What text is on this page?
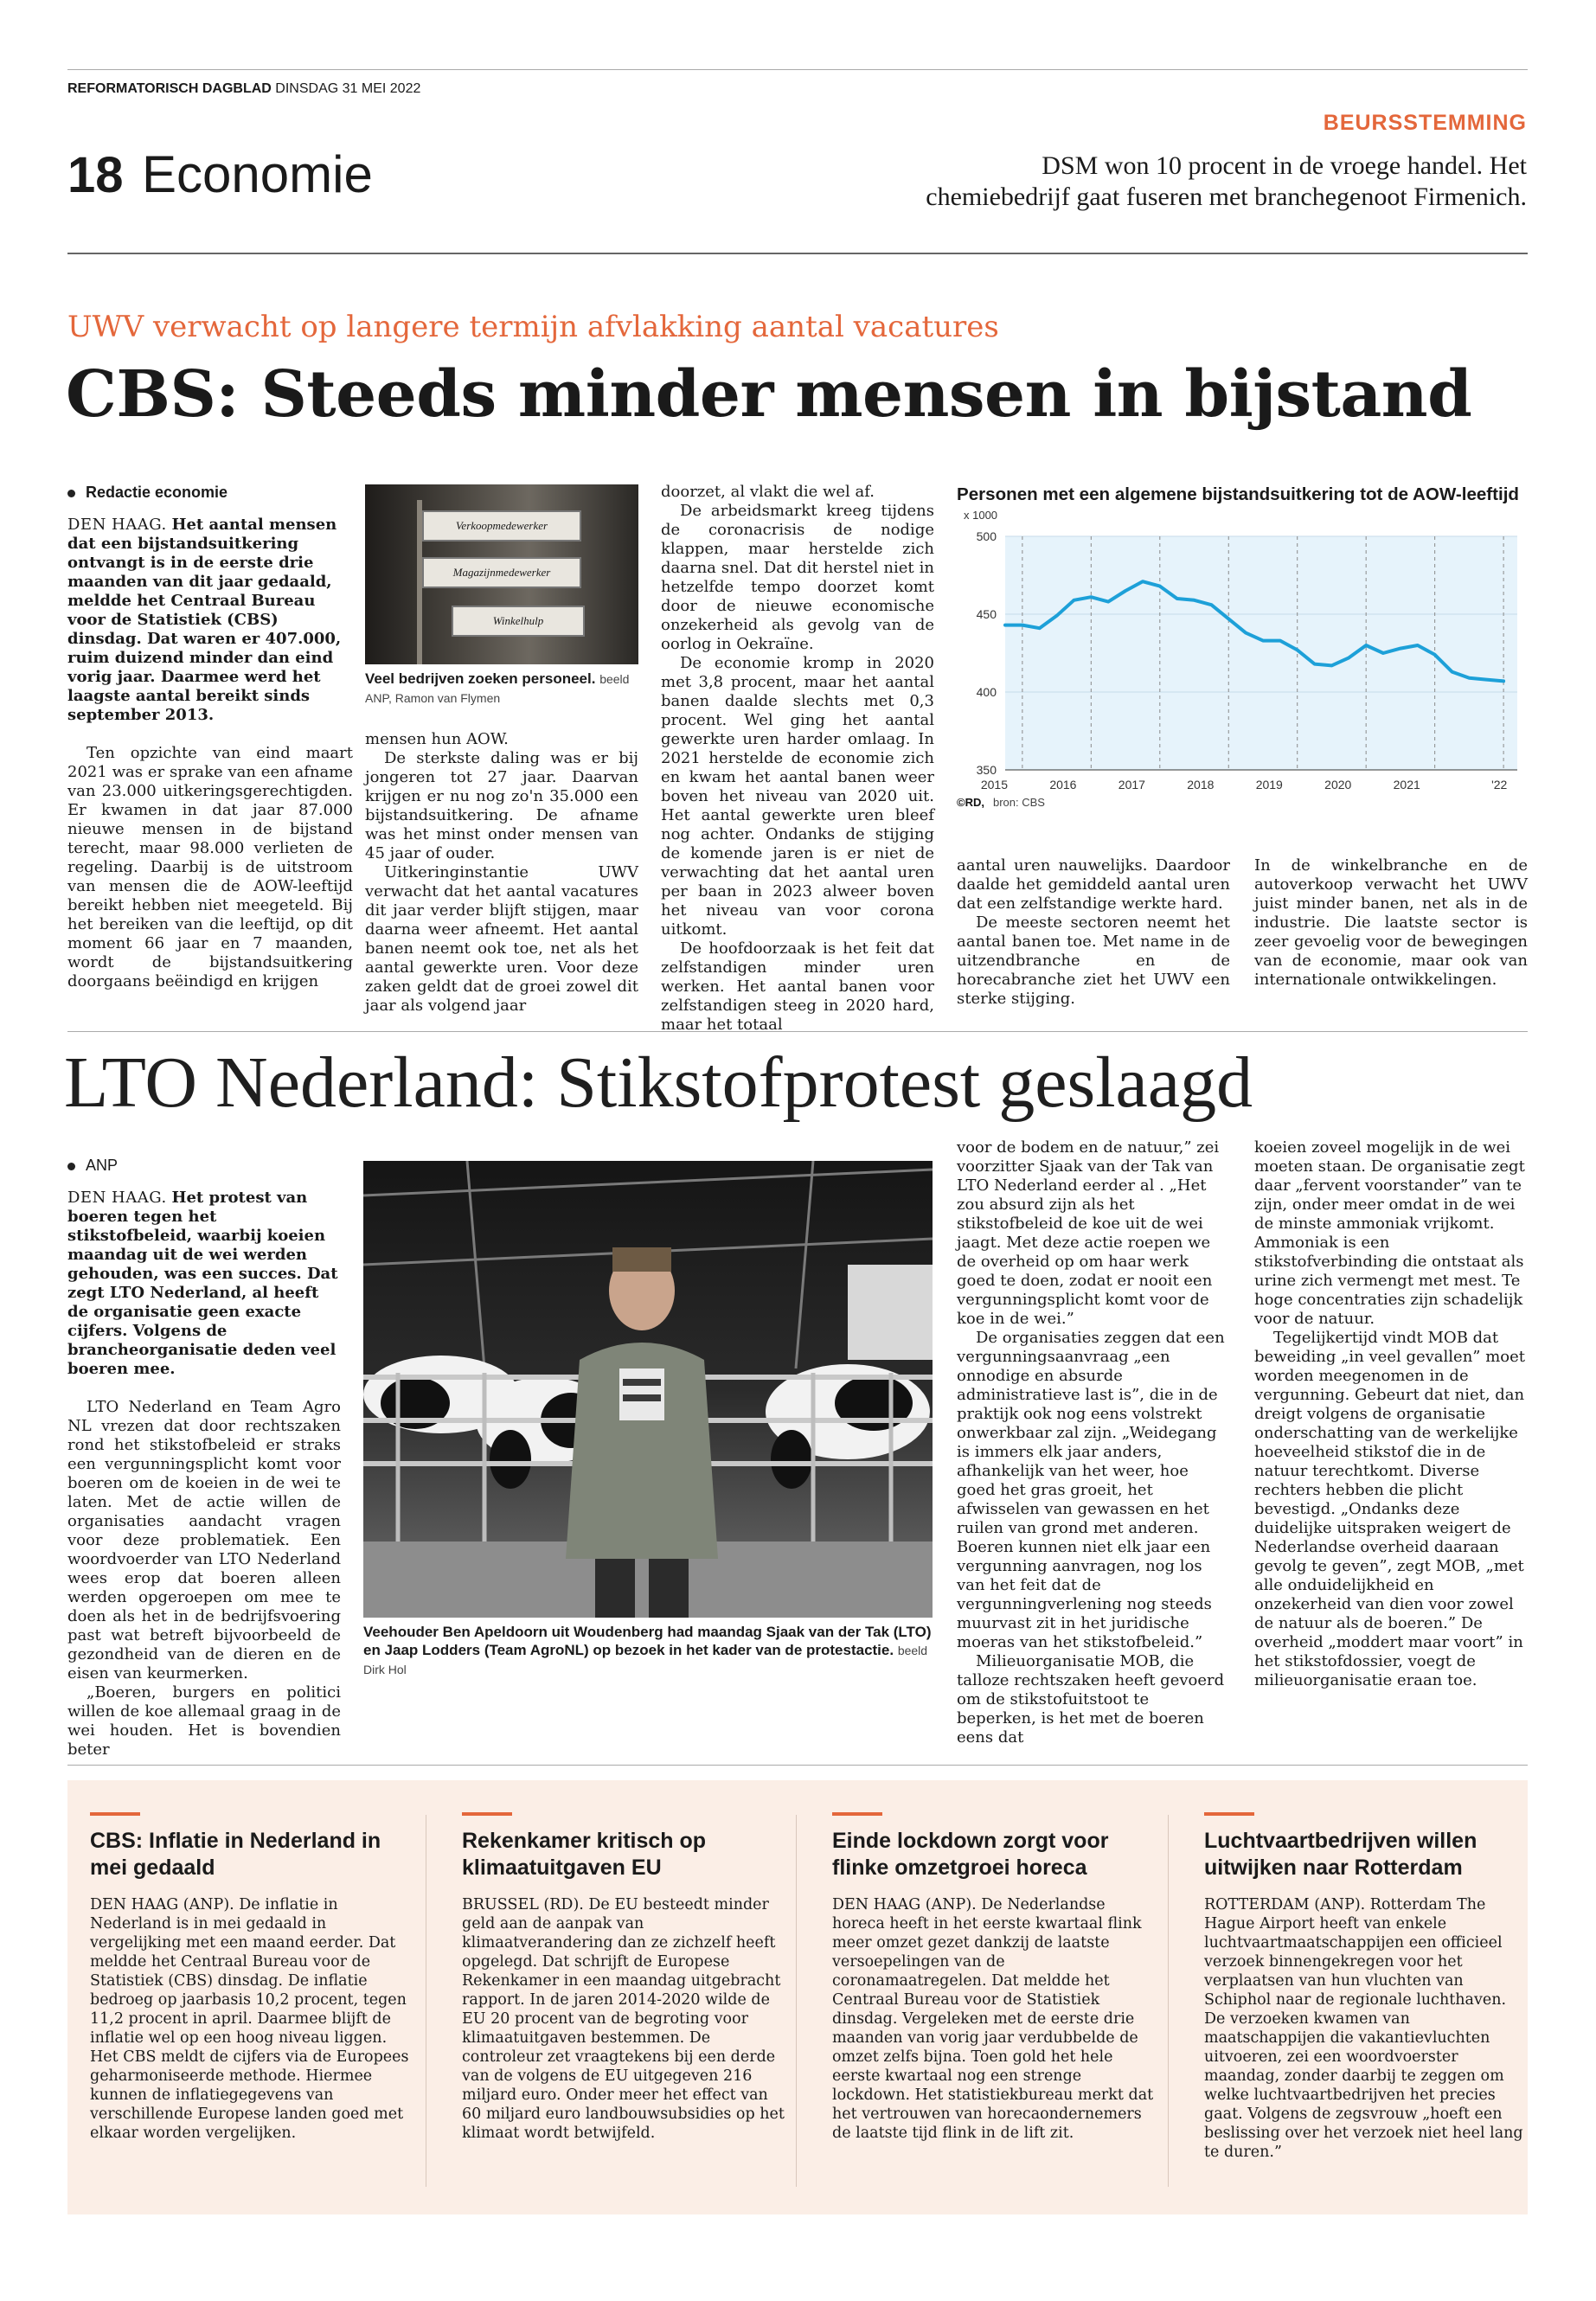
REFORMATORISCH DAGBLAD DINSDAG 31 MEI 2022
18 Economie
BEURSSTEMMING
DSM won 10 procent in de vroege handel. Het
chemiebedrijf gaat fuseren met branchegenoot Firmenich.
UWV verwacht op langere termijn afvlakking aantal vacatures
CBS: Steeds minder mensen in bijstand
Redactie economie

DEN HAAG. Het aantal mensen dat een bijstandsuitkering ontvangt is in de eerste drie maanden van dit jaar gedaald, meldde het Centraal Bureau voor de Statistiek (CBS) dinsdag. Dat waren er 407.000, ruim duizend minder dan eind vorig jaar. Daarmee werd het laagste aantal bereikt sinds september 2013.

Ten opzichte van eind maart 2021 was er sprake van een afname van 23.000 uitkeringsgerechtigden. Er kwamen in dat jaar 87.000 nieuwe mensen in de bijstand terecht, maar 98.000 verlieten de regeling. Daarbij is de uitstroom van mensen die de AOW-leeftijd bereikt hebben niet meegeteld. Bij het bereiken van die leeftijd, op dit moment 66 jaar en 7 maanden, wordt de bijstandsuitkering doorgaans beëindigd en krijgen

Verkoopmedewerker
Magazijnmedewerker
Winkelhulp
Veel bedrijven zoeken personeel. beeld ANP, Ramon van Flymen

mensen hun AOW.

De sterkste daling was er bij jongeren tot 27 jaar. Daarvan krijgen er nu nog zo'n 35.000 een bijstandsuitkering. De afname was het minst onder mensen van 45 jaar of ouder.

Uitkeringinstantie UWV verwacht dat het aantal vacatures dit jaar verder blijft stijgen, maar daarna weer afneemt. Het aantal banen neemt ook toe, net als het aantal gewerkte uren. Voor deze zaken geldt dat de groei zowel dit jaar als volgend jaar

doorzet, al vlakt die wel af.

De arbeidsmarkt kreeg tijdens de coronacrisis de nodige klappen, maar herstelde zich daarna snel. Dat dit herstel niet in hetzelfde tempo doorzet komt door de nieuwe economische onzekerheid als gevolg van de oorlog in Oekraïne.

De economie kromp in 2020 met 3,8 procent, maar het aantal banen daalde slechts met 0,3 procent. Wel ging het aantal gewerkte uren harder omlaag. In 2021 herstelde de economie zich en kwam het aantal banen weer boven het niveau van 2020 uit. Het aantal gewerkte uren bleef nog achter. Ondanks de stijging de komende jaren is er niet de verwachting dat het aantal uren per baan in 2023 alweer boven het niveau van voor corona uitkomt.

De hoofdoorzaak is het feit dat zelfstandigen minder uren werken. Het aantal banen voor zelfstandigen steeg in 2020 hard, maar het totaal

Personen met een algemene bijstandsuitkering tot de AOW-leeftijd
x 1000
350
400
450
500
2015	2016	2017	2018	2019	2020	2021	'22
©RD, bron: CBS

aantal uren nauwelijks. Daardoor daalde het gemiddeld aantal uren dat een zelfstandige werkte hard.

De meeste sectoren neemt het aantal banen toe. Met name in de uitzendbranche en de horecabranche ziet het UWV een sterke stijging.

In de winkelbranche en de autoverkoop verwacht het UWV juist minder banen, net als in de industrie. Die laatste sector is zeer gevoelig voor de bewegingen van de economie, maar ook van internationale ontwikkelingen.

LTO Nederland: Stikstofprotest geslaagd
ANP

DEN HAAG. Het protest van boeren tegen het stikstofbeleid, waarbij koeien maandag uit de wei werden gehouden, was een succes. Dat zegt LTO Nederland, al heeft de organisatie geen exacte cijfers. Volgens de brancheorganisatie deden veel boeren mee.

LTO Nederland en Team Agro NL vrezen dat door rechtszaken rond het stikstofbeleid er straks een vergunningsplicht komt voor boeren om de koeien in de wei te laten. Met de actie willen de organisaties aandacht vragen voor deze problematiek. Een woordvoerder van LTO Nederland wees erop dat boeren alleen werden opgeroepen om mee te doen als het in de bedrijfsvoering past wat betreft bijvoorbeeld de gezondheid van de dieren en de eisen van keurmerken.

„Boeren, burgers en politici willen de koe allemaal graag in de wei houden. Het is bovendien beter

Veehouder Ben Apeldoorn uit Woudenberg had maandag Sjaak van der Tak (LTO) en Jaap Lodders (Team AgroNL) op bezoek in het kader van de protestactie. beeld Dirk Hol

voor de bodem en de natuur,” zei voorzitter Sjaak van der Tak van LTO Nederland eerder al . „Het zou absurd zijn als het stikstofbeleid de koe uit de wei jaagt. Met deze actie roepen we de overheid op om haar werk goed te doen, zodat er nooit een vergunningsplicht komt voor de koe in de wei.”

De organisaties zeggen dat een vergunningsaanvraag „een onnodige en absurde administratieve last is”, die in de praktijk ook nog eens volstrekt onwerkbaar zal zijn. „Weidegang is immers elk jaar anders, afhankelijk van het weer, hoe goed het gras groeit, het afwisselen van gewassen en het ruilen van grond met anderen. Boeren kunnen niet elk jaar een vergunning aanvragen, nog los van het feit dat de vergunningverlening nog steeds muurvast zit in het juridische moeras van het stikstofbeleid.”

Milieuorganisatie MOB, die talloze rechtszaken heeft gevoerd om de stikstofuitstoot te beperken, is het met de boeren eens dat

koeien zoveel mogelijk in de wei moeten staan. De organisatie zegt daar „fervent voorstander” van te zijn, onder meer omdat in de wei de minste ammoniak vrijkomt. Ammoniak is een stikstofverbinding die ontstaat als urine zich vermengt met mest. Te hoge concentraties zijn schadelijk voor de natuur.

Tegelijkertijd vindt MOB dat beweiding „in veel gevallen” moet worden meegenomen in de vergunning. Gebeurt dat niet, dan dreigt volgens de organisatie onderschatting van de werkelijke hoeveelheid stikstof die in de natuur terechtkomt. Diverse rechters hebben die plicht bevestigd. „Ondanks deze duidelijke uitspraken weigert de Nederlandse overheid daaraan gevolg te geven”, zegt MOB, „met alle onduidelijkheid en onzekerheid van dien voor zowel de natuur als de boeren.” De overheid „moddert maar voort” in het stikstofdossier, voegt de milieuorganisatie eraan toe.

CBS: Inflatie in Nederland in mei gedaald
DEN HAAG (ANP). De inflatie in Nederland is in mei gedaald in vergelijking met een maand eerder. Dat meldde het Centraal Bureau voor de Statistiek (CBS) dinsdag. De inflatie bedroeg op jaarbasis 10,2 procent, tegen 11,2 procent in april. Daarmee blijft de inflatie wel op een hoog niveau liggen. Het CBS meldt de cijfers via de Europees geharmoniseerde methode. Hiermee kunnen de inflatiegegevens van verschillende Europese landen goed met elkaar worden vergelijken.
Rekenkamer kritisch op klimaatuitgaven EU
BRUSSEL (RD). De EU besteedt minder geld aan de aanpak van klimaatverandering dan ze zichzelf heeft opgelegd. Dat schrijft de Europese Rekenkamer in een maandag uitgebracht rapport. In de jaren 2014-2020 wilde de EU 20 procent van de begroting voor klimaatuitgaven bestemmen. De controleur zet vraagtekens bij een derde van de volgens de EU uitgegeven 216 miljard euro. Onder meer het effect van 60 miljard euro landbouwsubsidies op het klimaat wordt betwijfeld.
Einde lockdown zorgt voor flinke omzetgroei horeca
DEN HAAG (ANP). De Nederlandse horeca heeft in het eerste kwartaal flink meer omzet gezet dankzij de laatste versoepelingen van de coronamaatregelen. Dat meldde het Centraal Bureau voor de Statistiek dinsdag. Vergeleken met de eerste drie maanden van vorig jaar verdubbelde de omzet zelfs bijna. Toen gold het hele eerste kwartaal nog een strenge lockdown. Het statistiekbureau merkt dat het vertrouwen van horecaondernemers de laatste tijd flink in de lift zit.
Luchtvaartbedrijven willen uitwijken naar Rotterdam
ROTTERDAM (ANP). Rotterdam The Hague Airport heeft van enkele luchtvaartmaatschappijen een officieel verzoek binnengekregen voor het verplaatsen van hun vluchten van Schiphol naar de regionale luchthaven. De verzoeken kwamen van maatschappijen die vakantievluchten uitvoeren, zei een woordvoerster maandag, zonder daarbij te zeggen om welke luchtvaartbedrijven het precies gaat. Volgens de zegsvrouw „hoeft een beslissing over het verzoek niet heel lang te duren.”
